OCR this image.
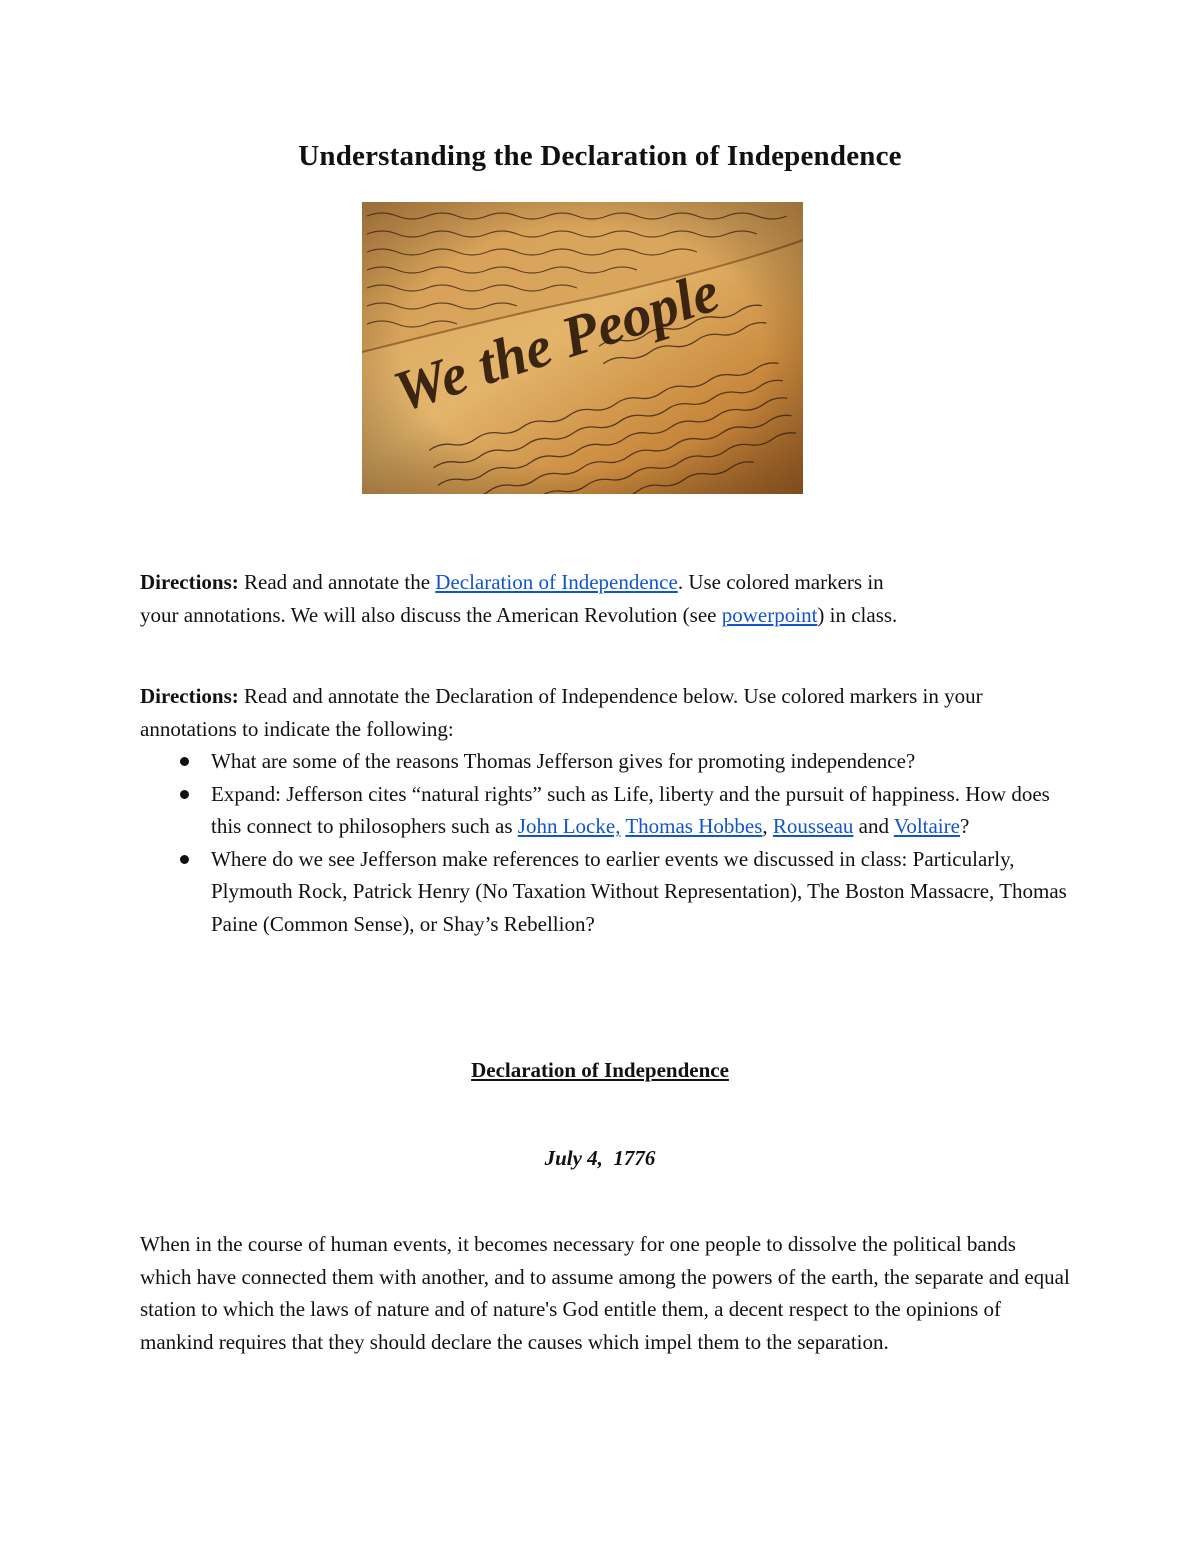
Understanding the Declaration of Independence
Directions: Read and annotate the Declaration of Independence. Use colored markers in your annotations. We will also discuss the American Revolution (see powerpoint) in class.
Directions: Read and annotate the Declaration of Independence below. Use colored markers in your annotations to indicate the following:
What are some of the reasons Thomas Jefferson gives for promoting independence?
Expand: Jefferson cites “natural rights” such as Life, liberty and the pursuit of happiness. How does this connect to philosophers such as John Locke, Thomas Hobbes, Rousseau and Voltaire?
Where do we see Jefferson make references to earlier events we discussed in class: Particularly, Plymouth Rock, Patrick Henry (No Taxation Without Representation), The Boston Massacre, Thomas Paine (Common Sense), or Shay’s Rebellion?
Declaration of Independence
July 4,  1776
When in the course of human events, it becomes necessary for one people to dissolve the political bands which have connected them with another, and to assume among the powers of the earth, the separate and equal station to which the laws of nature and of nature's God entitle them, a decent respect to the opinions of mankind requires that they should declare the causes which impel them to the separation.
